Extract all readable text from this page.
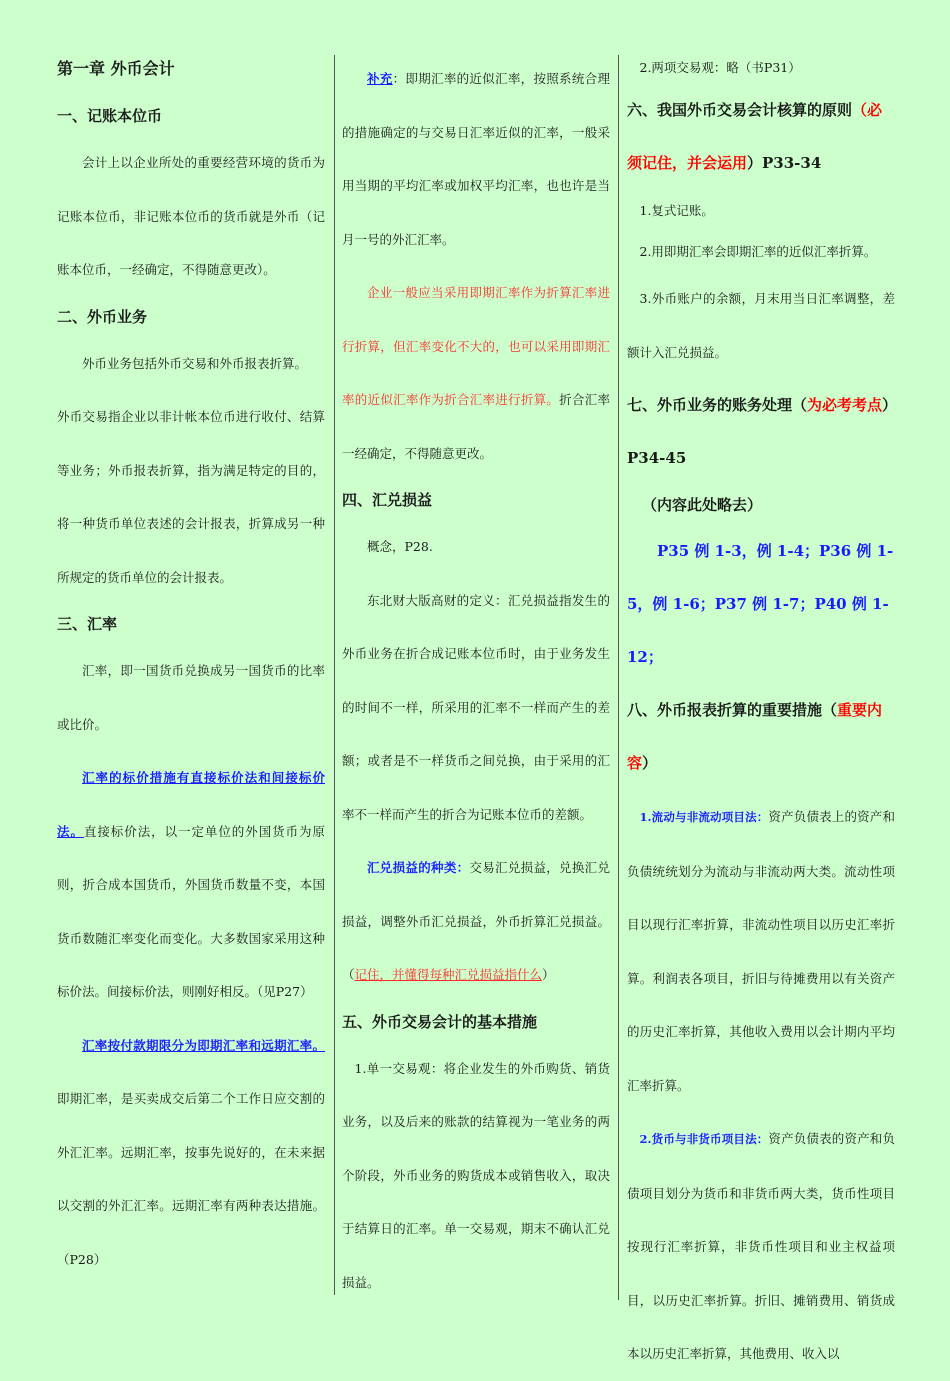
第一章 外币会计
一、记账本位币

会计上以企业所处的重要经营环境的货币为记账本位币，非记账本位币的货币就是外币（记账本位币，一经确定，不得随意更改）。

二、外币业务

外币业务包括外币交易和外币报表折算。

外币交易指企业以非计帐本位币进行收付、结算等业务；外币报表折算，指为满足特定的目的，将一种货币单位表述的会计报表，折算成另一种所规定的货币单位的会计报表。

三、汇率

汇率，即一国货币兑换成另一国货币的比率或比价。

汇率的标价措施有直接标价法和间接标价法。直接标价法，以一定单位的外国货币为原则，折合成本国货币，外国货币数量不变，本国货币数随汇率变化而变化。大多数国家采用这种标价法。间接标价法，则刚好相反。（见P27）

汇率按付款期限分为即期汇率和远期汇率。即期汇率，是买卖成交后第二个工作日应交割的外汇汇率。远期汇率，按事先说好的，在未来据以交割的外汇汇率。远期汇率有两种表达措施。（P28）

补充：即期汇率的近似汇率，按照系统合理的措施确定的与交易日汇率近似的汇率，一般采用当期的平均汇率或加权平均汇率，也也许是当月一号的外汇汇率。

企业一般应当采用即期汇率作为折算汇率进行折算，但汇率变化不大的，也可以采用即期汇率的近似汇率作为折合汇率进行折算。折合汇率一经确定，不得随意更改。

四、汇兑损益

概念，P28.

东北财大版高财的定义：汇兑损益指发生的外币业务在折合成记账本位币时，由于业务发生的时间不一样，所采用的汇率不一样而产生的差额；或者是不一样货币之间兑换，由于采用的汇率不一样而产生的折合为记账本位币的差额。

汇兑损益的种类：交易汇兑损益，兑换汇兑损益，调整外币汇兑损益，外币折算汇兑损益。（记住，并懂得每种汇兑损益指什么）

五、外币交易会计的基本措施

1.单一交易观：将企业发生的外币购货、销货业务，以及后来的账款的结算视为一笔业务的两个阶段，外币业务的购货成本或销售收入，取决于结算日的汇率。单一交易观，期末不确认汇兑损益。

2.两项交易观：略（书P31）

六、我国外币交易会计核算的原则（必须记住，并会运用）P33-34

1.复式记账。

2.用即期汇率会即期汇率的近似汇率折算。

3.外币账户的余额，月末用当日汇率调整，差额计入汇兑损益。

七、外币业务的账务处理（为必考考点）P34-45
（内容此处略去）
P35 例 1-3，例 1-4；P36 例 1-5，例 1-6；P37 例 1-7；P40 例 1-12；
八、外币报表折算的重要措施（重要内容）

1.流动与非流动项目法：资产负债表上的资产和负债统统划分为流动与非流动两大类。流动性项目以现行汇率折算，非流动性项目以历史汇率折算。利润表各项目，折旧与待摊费用以有关资产的历史汇率折算，其他收入费用以会计期内平均汇率折算。

2.货币与非货币项目法：资产负债表的资产和负债项目划分为货币和非货币两大类，货币性项目按现行汇率折算，非货币性项目和业主权益项目，以历史汇率折算。折旧、摊销费用、销货成本以历史汇率折算，其他费用、收入以
